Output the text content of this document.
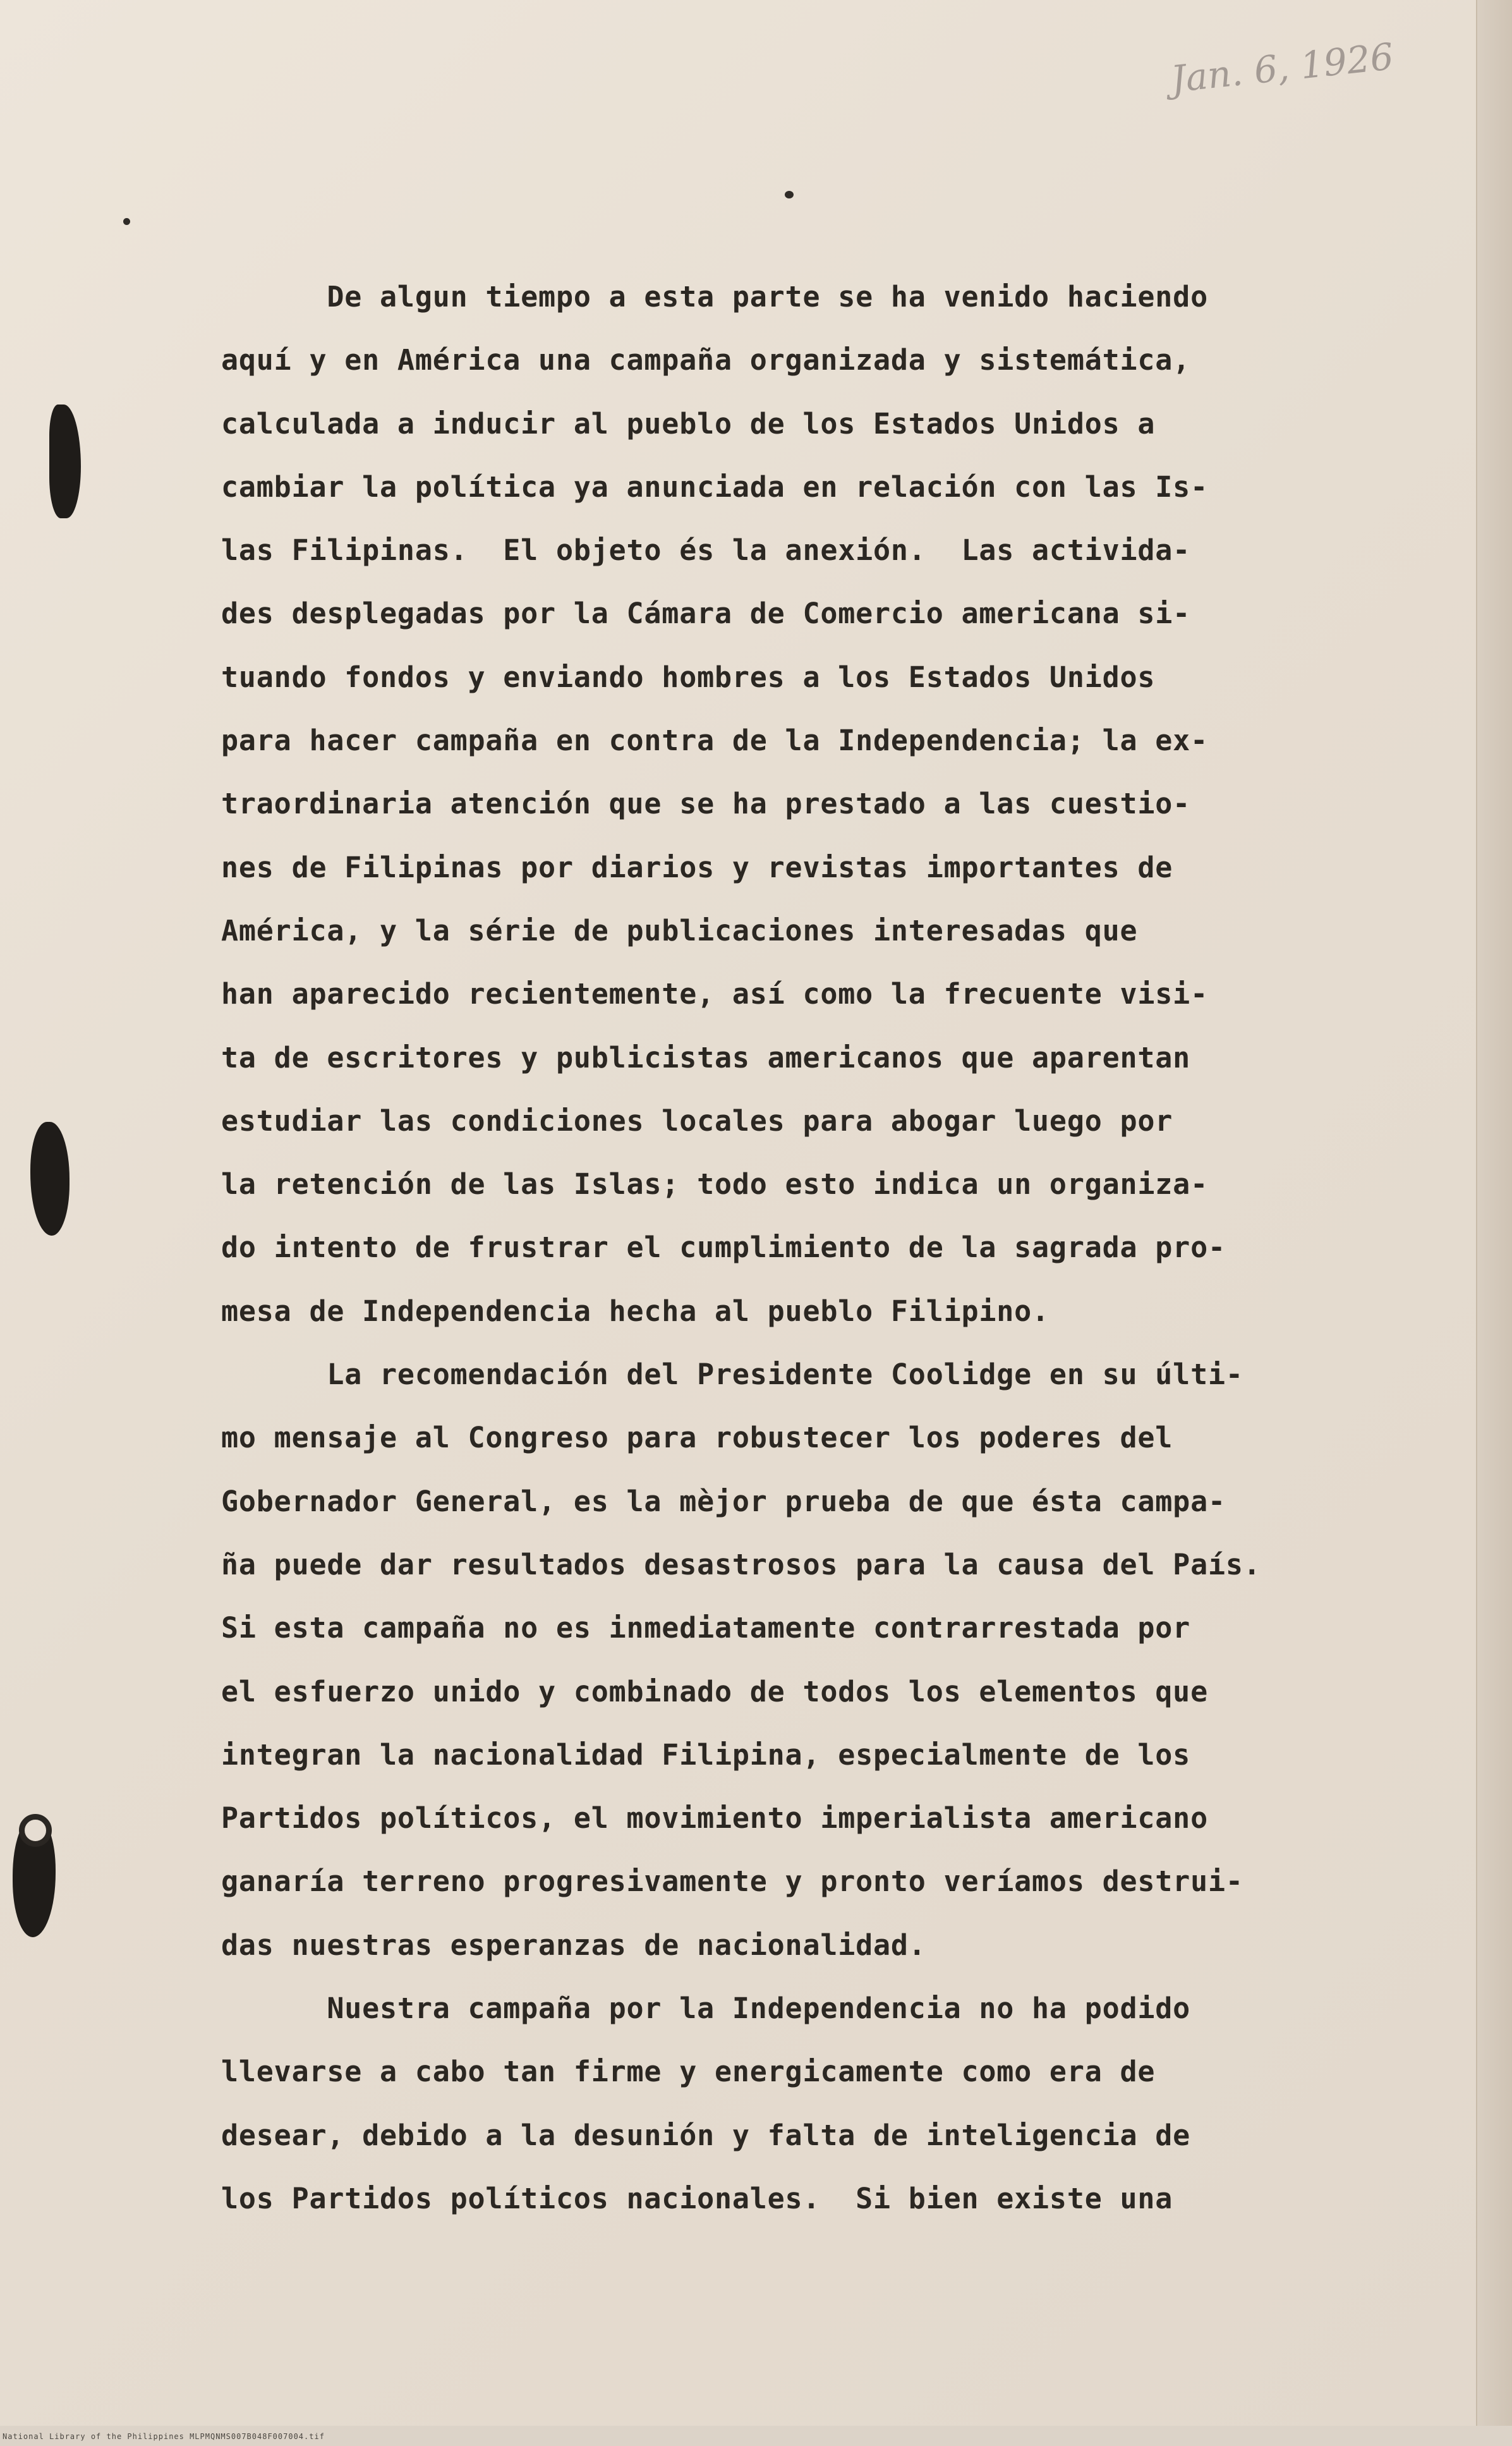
Jan. 6, 1926
De algun tiempo a esta parte se ha venido haciendo
aquí y en América una campaña organizada y sistemática,
calculada a inducir al pueblo de los Estados Unidos a
cambiar la política ya anunciada en relación con las Is-
las Filipinas.  El objeto és la anexión.  Las activida-
des desplegadas por la Cámara de Comercio americana si-
tuando fondos y enviando hombres a los Estados Unidos
para hacer campaña en contra de la Independencia; la ex-
traordinaria atención que se ha prestado a las cuestio-
nes de Filipinas por diarios y revistas importantes de
América, y la série de publicaciones interesadas que
han aparecido recientemente, así como la frecuente visi-
ta de escritores y publicistas americanos que aparentan
estudiar las condiciones locales para abogar luego por
la retención de las Islas; todo esto indica un organiza-
do intento de frustrar el cumplimiento de la sagrada pro-
mesa de Independencia hecha al pueblo Filipino.
La recomendación del Presidente Coolidge en su últi-
mo mensaje al Congreso para robustecer los poderes del
Gobernador General, es la mèjor prueba de que ésta campa-
ña puede dar resultados desastrosos para la causa del País.
Si esta campaña no es inmediatamente contrarrestada por
el esfuerzo unido y combinado de todos los elementos que
integran la nacionalidad Filipina, especialmente de los
Partidos políticos, el movimiento imperialista americano
ganaría terreno progresivamente y pronto veríamos destrui-
das nuestras esperanzas de nacionalidad.
Nuestra campaña por la Independencia no ha podido
llevarse a cabo tan firme y energicamente como era de
desear, debido a la desunión y falta de inteligencia de
los Partidos políticos nacionales.  Si bien existe una
National Library of the Philippines MLPMQNMS007B048F007004.tif
